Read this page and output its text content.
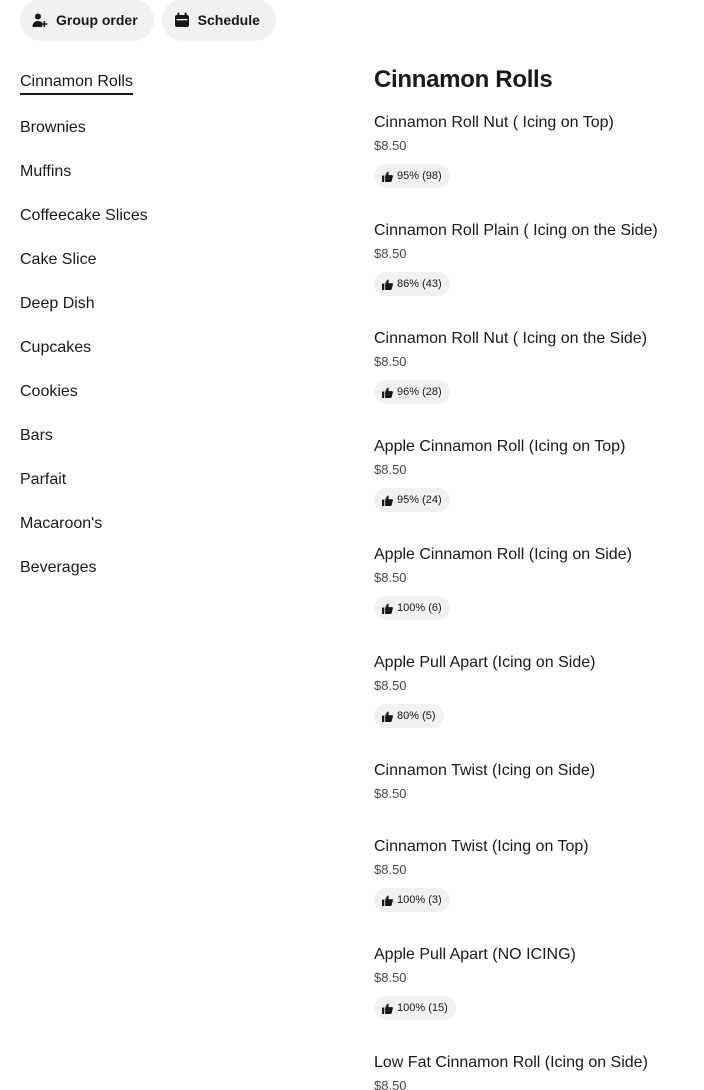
Group order	Schedule
Cinnamon Rolls
Brownies
Muffins
Coffeecake Slices
Cake Slice
Deep Dish
Cupcakes
Cookies
Bars
Parfait
Macaroon's
Beverages
Cinnamon Rolls
Cinnamon Roll Nut ( Icing on Top)
$8.50
95% (98)
Cinnamon Roll Plain ( Icing on the Side)
$8.50
86% (43)
Cinnamon Roll Nut ( Icing on the Side)
$8.50
96% (28)
Apple Cinnamon Roll (Icing on Top)
$8.50
95% (24)
Apple Cinnamon Roll (Icing on Side)
$8.50
100% (6)
Apple Pull Apart (Icing on Side)
$8.50
80% (5)
Cinnamon Twist (Icing on Side)
$8.50
Cinnamon Twist (Icing on Top)
$8.50
100% (3)
Apple Pull Apart (NO ICING)
$8.50
100% (15)
Low Fat Cinnamon Roll (Icing on Side)
$8.50
